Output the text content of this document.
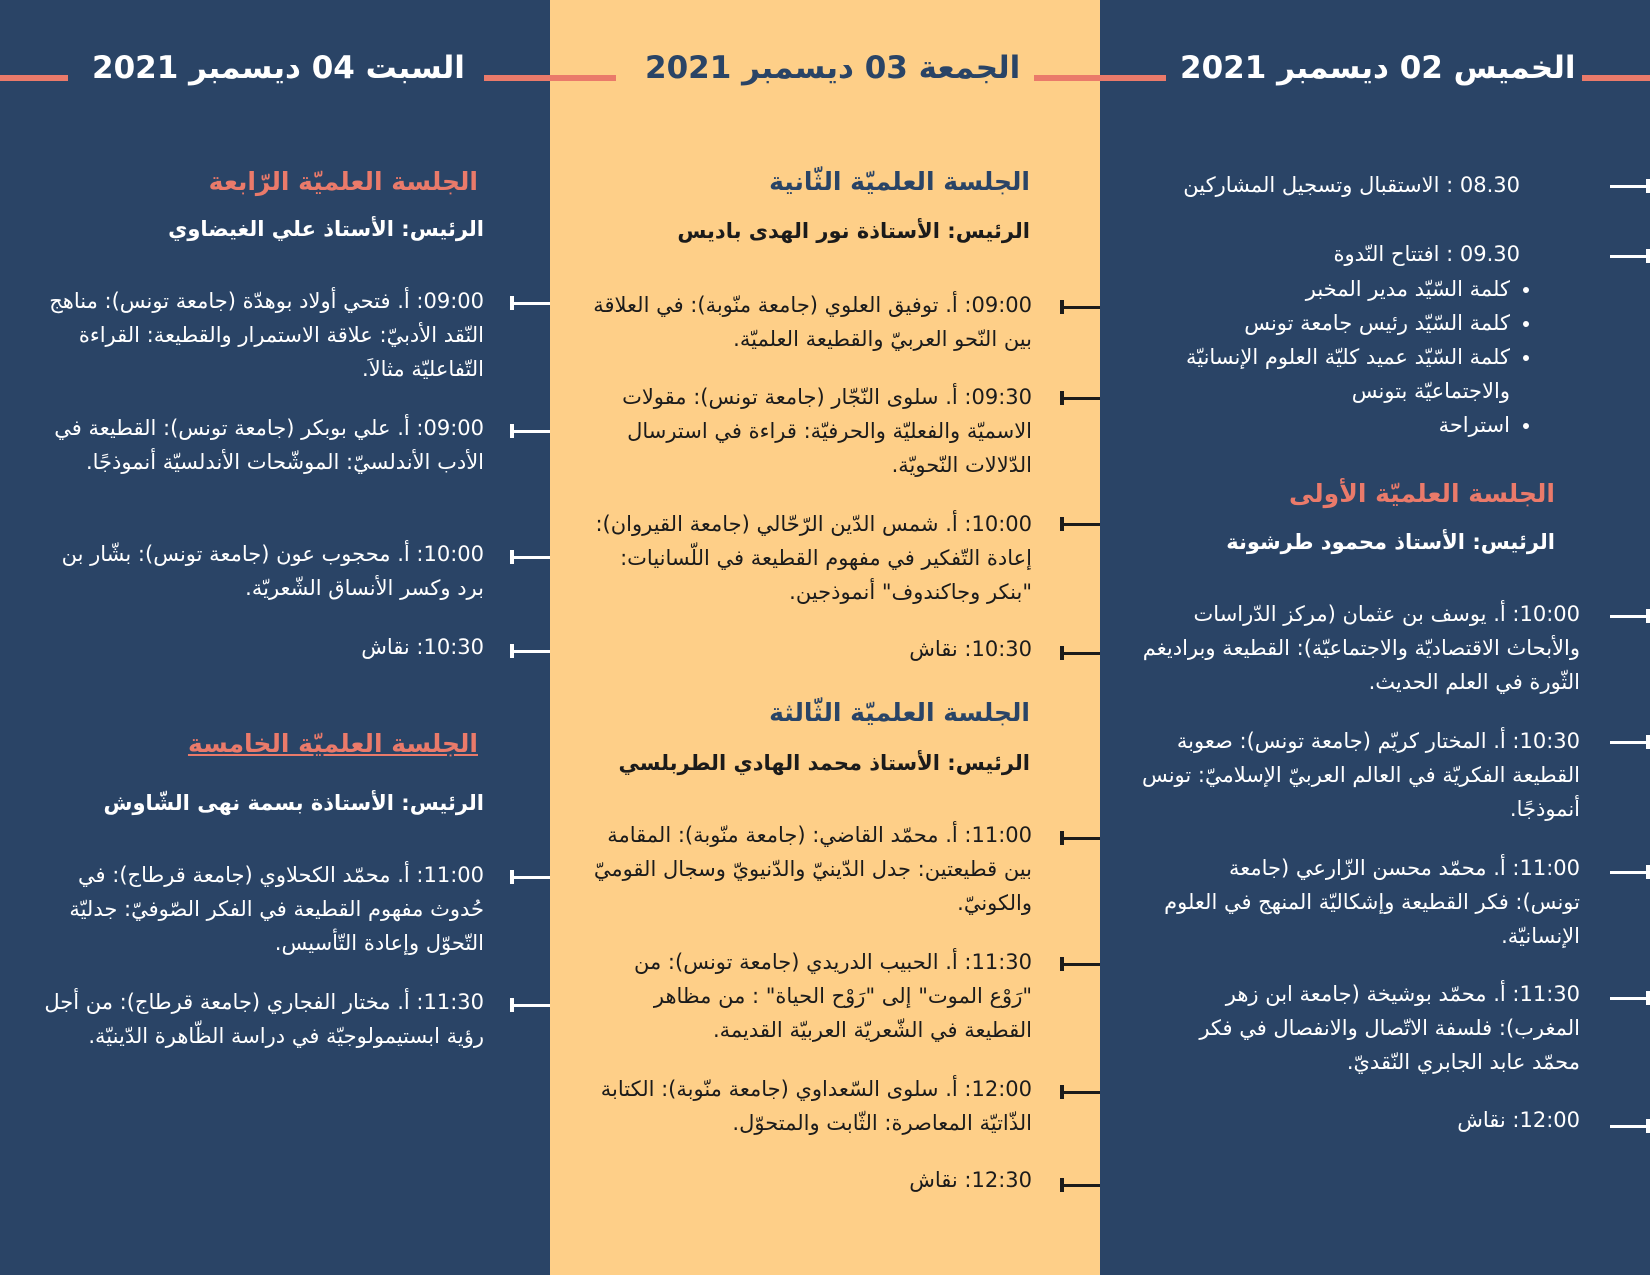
السبت 04 ديسمبر 2021	الجمعة 03 ديسمبر 2021	الخميس 02 ديسمبر 2021
08.30 : الاستقبال وتسجيل المشاركين
09.30 : افتتاح النّدوة
• كلمة السّيّد مدير المخبر
• كلمة السّيّد رئيس جامعة تونس
• كلمة السّيّد عميد كليّة العلوم الإنسانيّة والاجتماعيّة بتونس
• استراحة
الجلسة العلميّة الأولى
الرئيس: الأستاذ محمود طرشونة
10:00: أ. يوسف بن عثمان (مركز الدّراسات والأبحاث الاقتصاديّة والاجتماعيّة): القطيعة وبراديغم الثّورة في العلم الحديث.
10:30: أ. المختار كريّم (جامعة تونس): صعوبة القطيعة الفكريّة في العالم العربيّ الإسلاميّ: تونس أنموذجًا.
11:00: أ. محمّد محسن الزّارعي (جامعة تونس): فكر القطيعة وإشكاليّة المنهج في العلوم الإنسانيّة.
11:30: أ. محمّد بوشيخة (جامعة ابن زهر المغرب): فلسفة الاتّصال والانفصال في فكر محمّد عابد الجابري النّقديّ.
12:00: نقاش
الجلسة العلميّة الثّانية
الرئيس: الأستاذة نور الهدى باديس
09:00: أ. توفيق العلوي (جامعة منّوبة): في العلاقة بين النّحو العربيّ والقطيعة العلميّة.
09:30: أ. سلوى النّجّار (جامعة تونس): مقولات الاسميّة والفعليّة والحرفيّة: قراءة في استرسال الدّلالات النّحويّة.
10:00: أ. شمس الدّين الرّحّالي (جامعة القيروان): إعادة التّفكير في مفهوم القطيعة في اللّسانيات: "بنكر وجاكندوف" أنموذجين.
10:30: نقاش
الجلسة العلميّة الثّالثة
الرئيس: الأستاذ محمد الهادي الطربلسي
11:00: أ. محمّد القاضي: (جامعة منّوبة): المقامة بين قطيعتين: جدل الدّينيّ والدّنيويّ وسجال القوميّ والكونيّ.
11:30: أ. الحبيب الدريدي (جامعة تونس): من "رَوْع الموت" إلى "رَوْح الحياة" : من مظاهر القطيعة في الشّعريّة العربيّة القديمة.
12:00: أ. سلوى السّعداوي (جامعة منّوبة): الكتابة الذّاتيّة المعاصرة: الثّابت والمتحوّل.
12:30: نقاش
الجلسة العلميّة الرّابعة
الرئيس: الأستاذ علي الغيضاوي
09:00: أ. فتحي أولاد بوهدّة (جامعة تونس): مناهج النّقد الأدبيّ: علاقة الاستمرار والقطيعة: القراءة التّفاعليّة مثالاَ.
09:00: أ. علي بوبكر (جامعة تونس): القطيعة في الأدب الأندلسيّ: الموشّحات الأندلسيّة أنموذجًا.
10:00: أ. محجوب عون (جامعة تونس): بشّار بن برد وكسر الأنساق الشّعريّة.
10:30: نقاش
الجلسة العلميّة الخامسة
الرئيس: الأستاذة بسمة نهى الشّاوش
11:00: أ. محمّد الكحلاوي (جامعة قرطاج): في حُدوث مفهوم القطيعة في الفكر الصّوفيّ: جدليّة التّحوّل وإعادة التّأسيس.
11:30: أ. مختار الفجاري (جامعة قرطاج): من أجل رؤية ابستيمولوجيّة في دراسة الظّاهرة الدّينيّة.
